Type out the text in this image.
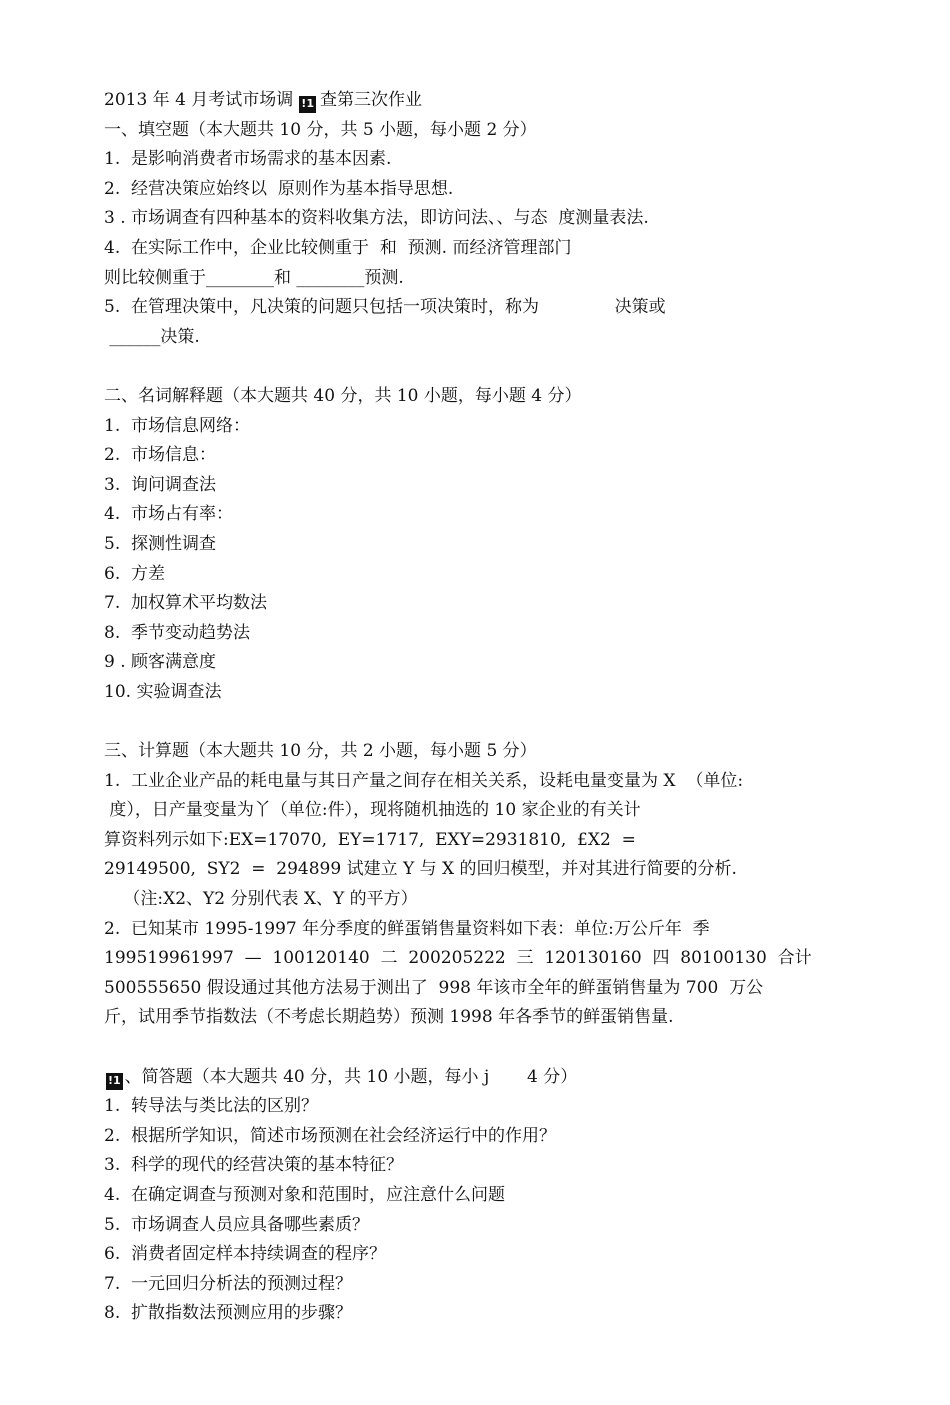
2013 年 4 月考试市场调 !1 查第三次作业
一、填空题（本大题共 10 分，共 5 小题，每小题 2 分）
1.  是影响消费者市场需求的基本因素.
2.  经营决策应始终以  原则作为基本指导思想.
3 . 市场调查有四种基本的资料收集方法，即访问法、、与态  度测量表法.
4.  在实际工作中，企业比较侧重于  和  预测. 而经济管理部门
则比较侧重于________和 ________预测.
5.  在管理决策中，凡决策的问题只包括一项决策时，称为              决策或
______决策.
二、名词解释题（本大题共 40 分，共 10 小题，每小题 4 分）
1.  市场信息网络：
2.  市场信息：
3.  询问调查法
4.  市场占有率：
5.  探测性调查
6.  方差
7.  加权算术平均数法
8.  季节变动趋势法
9 . 顾客满意度
10. 实验调查法
三、计算题（本大题共 10 分，共 2 小题，每小题 5 分）
1.  工业企业产品的耗电量与其日产量之间存在相关关系，设耗电量变量为 X  （单位:
度），日产量变量为丫（单位:件），现将随机抽选的 10 家企业的有关计
算资料列示如下:EX=17070,  EY=1717,  EXY=2931810,  £X2  =
29149500,  SY2  =  294899 试建立 Y 与 X 的回归模型，并对其进行简要的分析.
（注:X2、Y2 分别代表 X、Y 的平方）
2.  已知某市 1995-1997 年分季度的鲜蛋销售量资料如下表：单位:万公斤年  季
199519961997  —  100120140  二  200205222  三  120130160  四  80100130  合计
500555650 假设通过其他方法易于测出了  998 年该市全年的鲜蛋销售量为 700  万公
斤，试用季节指数法（不考虑长期趋势）预测 1998 年各季节的鲜蛋销售量.
!1 、简答题（本大题共 40 分，共 10 小题，每小 j       4 分）
1.  转导法与类比法的区别？
2.  根据所学知识，简述市场预测在社会经济运行中的作用？
3.  科学的现代的经营决策的基本特征？
4.  在确定调查与预测对象和范围时，应注意什么问题
5.  市场调查人员应具备哪些素质？
6.  消费者固定样本持续调查的程序？
7.  一元回归分析法的预测过程？
8.  扩散指数法预测应用的步骤？
